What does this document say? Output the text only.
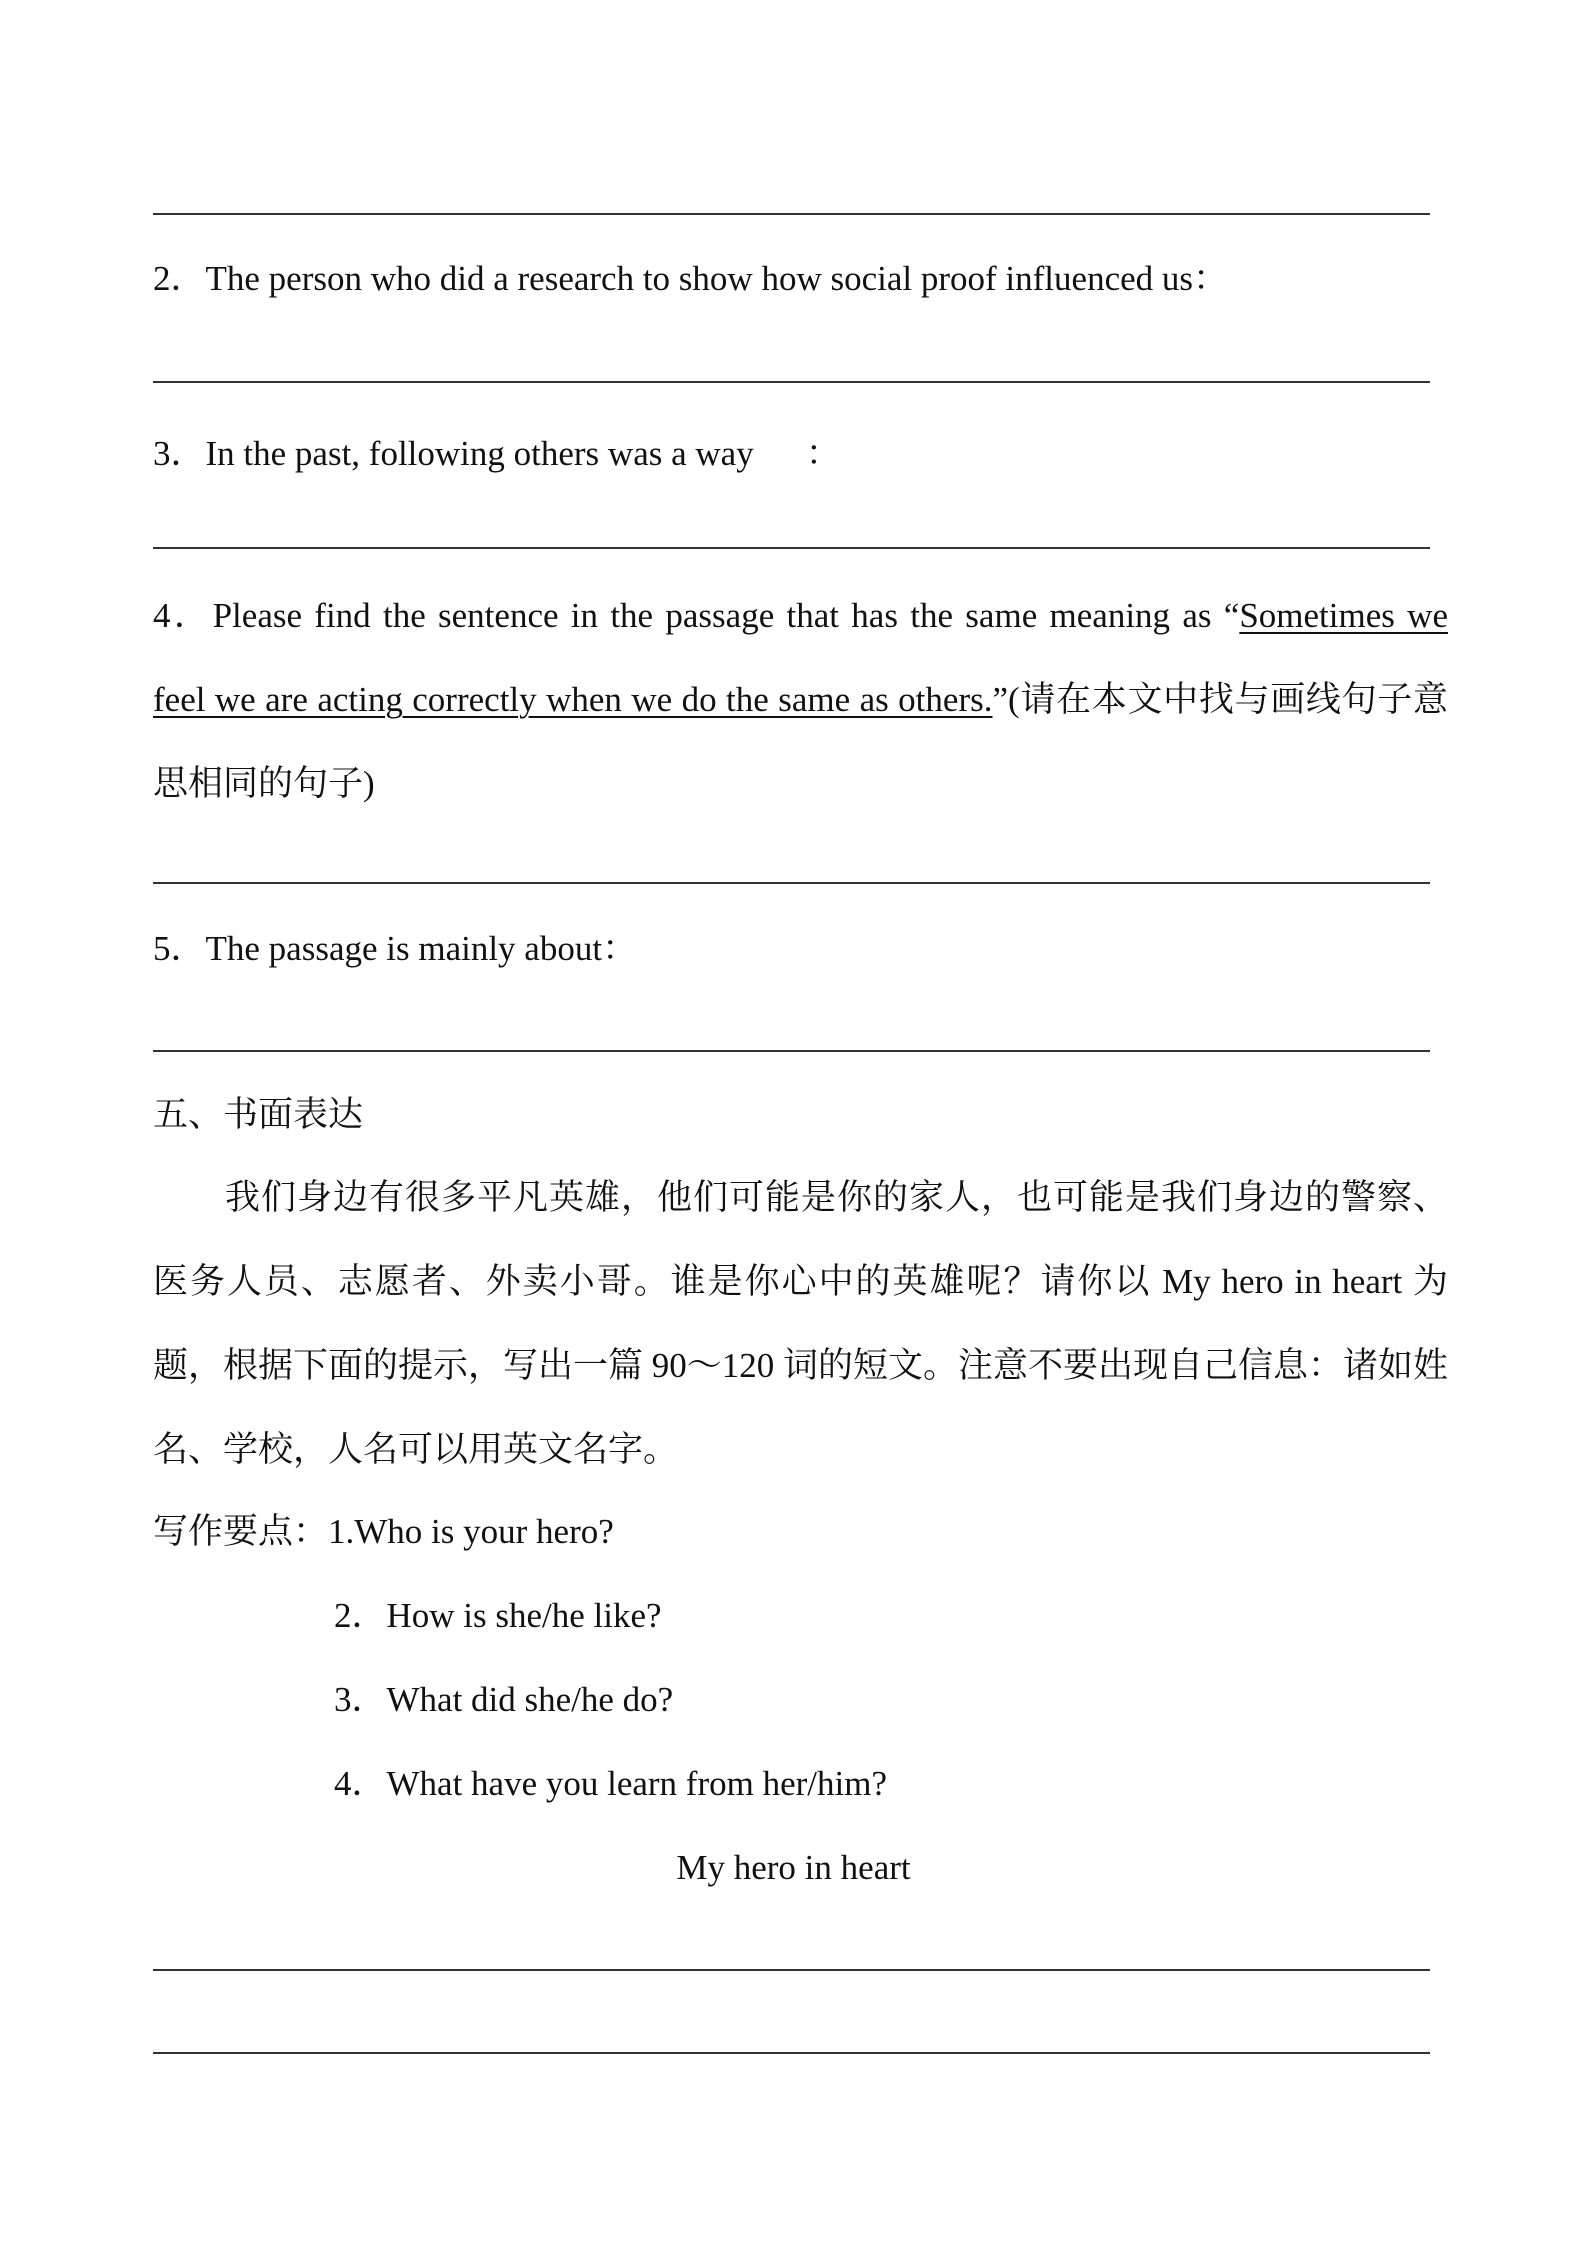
2．The person who did a research to show how social proof influenced us：
3．In the past, following others was a way ：
4．Please find the sentence in the passage that has the same meaning as “Sometimes we feel we are acting correctly when we do the same as others.”(请在本文中找与画线句子意思相同的句子)
5．The passage is mainly about：
五、书面表达
我们身边有很多平凡英雄，他们可能是你的家人，也可能是我们身边的警察、医务人员、志愿者、外卖小哥。谁是你心中的英雄呢？请你以 My hero in heart 为题，根据下面的提示，写出一篇 90～120 词的短文。注意不要出现自己信息：诸如姓名、学校，人名可以用英文名字。
写作要点：1.Who is your hero?
2．How is she/he like?
3．What did she/he do?
4．What have you learn from her/him?
My hero in heart
